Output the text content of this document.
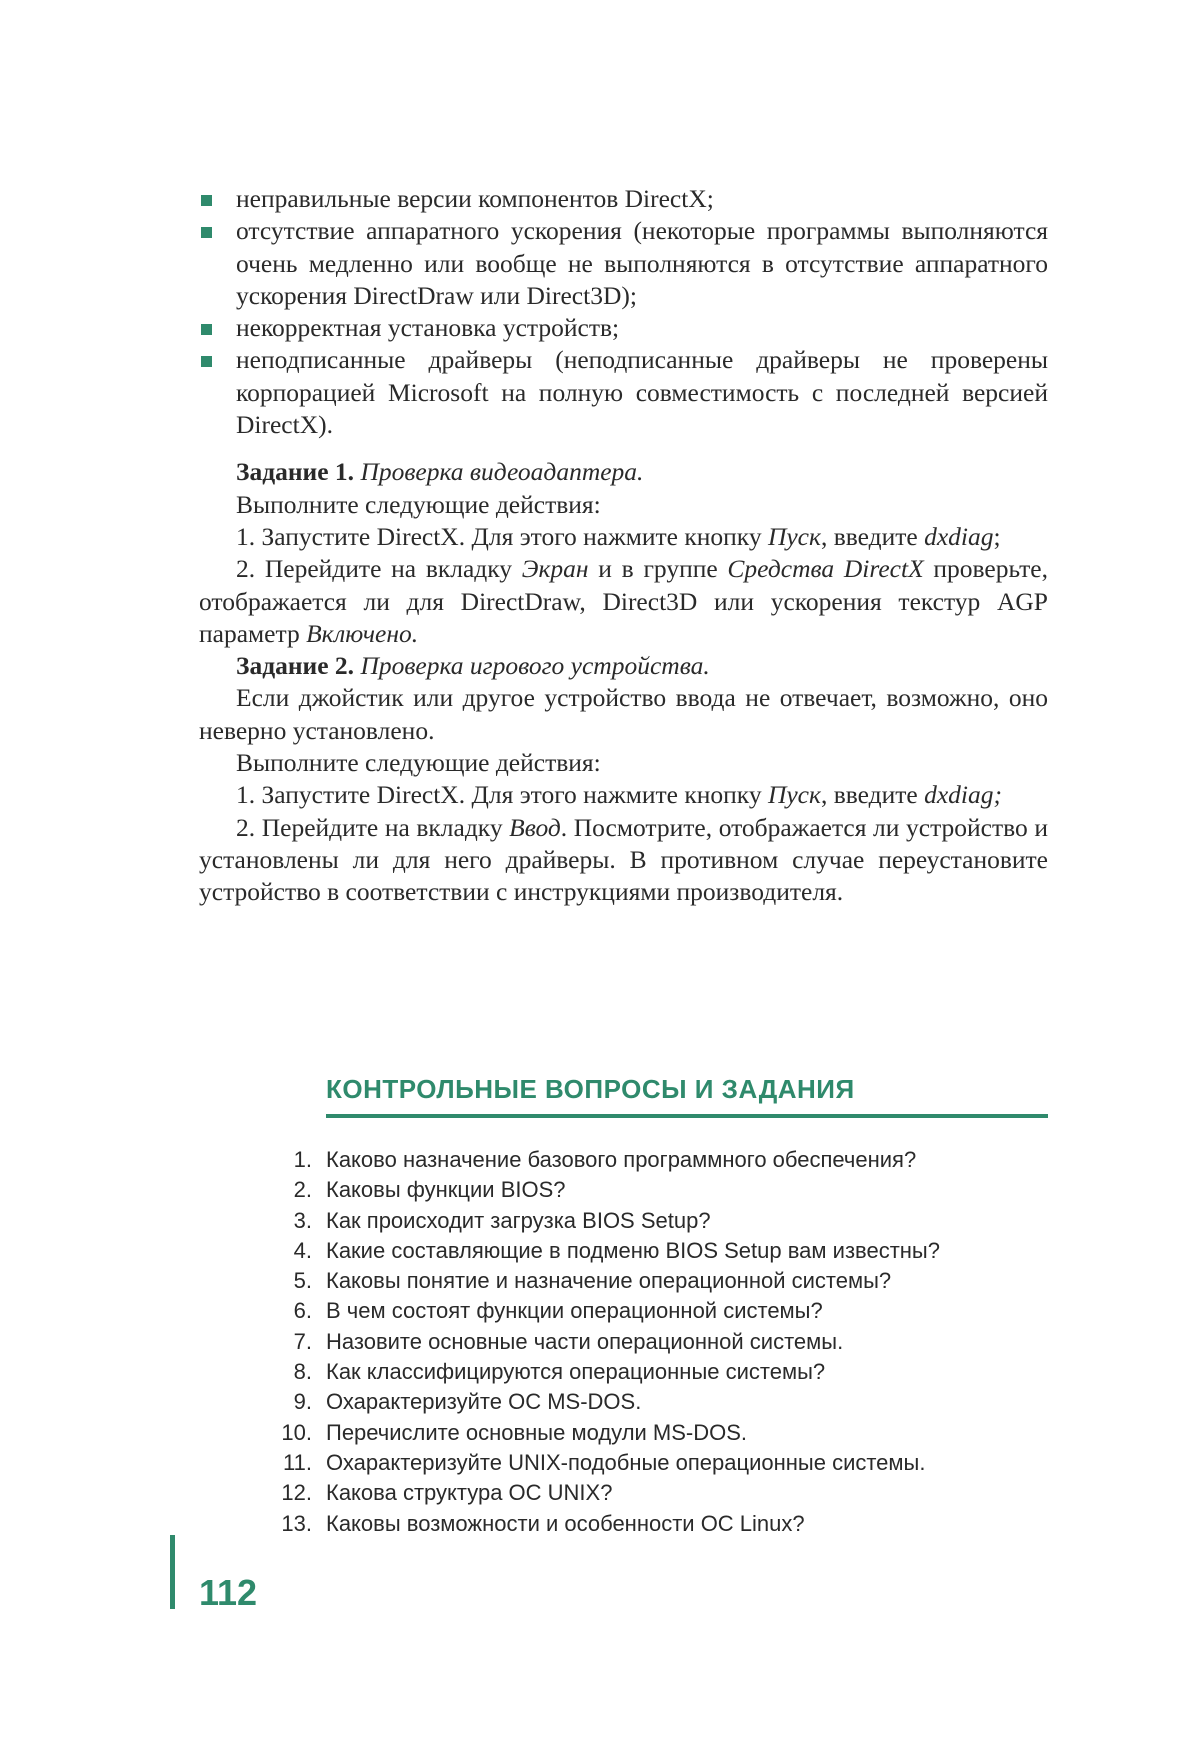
неправильные версии компонентов DirectX;
отсутствие аппаратного ускорения (некоторые программы выполняются очень медленно или вообще не выполняются в отсутствие аппаратного ускорения DirectDraw или Direct3D);
некорректная установка устройств;
неподписанные драйверы (неподписанные драйверы не проверены корпорацией Microsoft на полную совместимость с последней версией DirectX).

Задание 1. Проверка видеоадаптера.

Выполните следующие действия:

1. Запустите DirectX. Для этого нажмите кнопку Пуск, введите dxdiag;

2. Перейдите на вкладку Экран и в группе Средства DirectX проверьте, отображается ли для DirectDraw, Direct3D или ускорения текстур AGP параметр Включено.

Задание 2. Проверка игрового устройства.

Если джойстик или другое устройство ввода не отвечает, возможно, оно неверно установлено.

Выполните следующие действия:

1. Запустите DirectX. Для этого нажмите кнопку Пуск, введите dxdiag;

2. Перейдите на вкладку Ввод. Посмотрите, отображается ли устройство и установлены ли для него драйверы. В противном случае переустановите устройство в соответствии с инструкциями производителя.

КОНТРОЛЬНЫЕ ВОПРОСЫ И ЗАДАНИЯ
1. Каково назначение базового программного обеспечения?
2. Каковы функции BIOS?
3. Как происходит загрузка BIOS Setup?
4. Какие составляющие в подменю BIOS Setup вам известны?
5. Каковы понятие и назначение операционной системы?
6. В чем состоят функции операционной системы?
7. Назовите основные части операционной системы.
8. Как классифицируются операционные системы?
9. Охарактеризуйте ОС MS-DOS.
10. Перечислите основные модули MS-DOS.
11. Охарактеризуйте UNIX-подобные операционные системы.
12. Какова структура ОС UNIX?
13. Каковы возможности и особенности ОС Linux?
112
